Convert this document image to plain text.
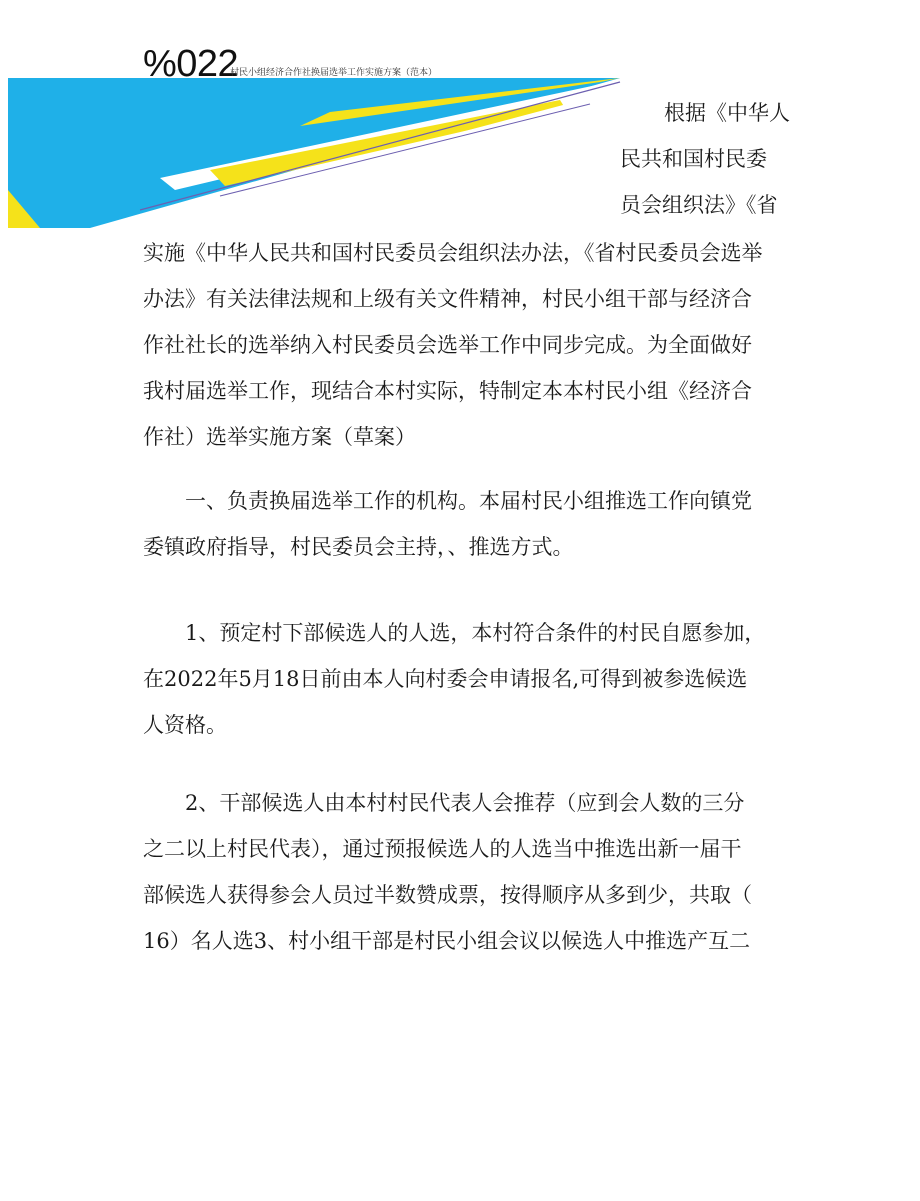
%022
村民小组经济合作社换届选举工作实施方案（范本）
根据《中华人
民共和国村民委
员会组织法》《省

实施《中华人民共和国村民委员会组织法办法，《省村民委员会选举
办法》有关法律法规和上级有关文件精神，村民小组干部与经济合
作社社长的选举纳入村民委员会选举工作中同步完成。为全面做好
我村届选举工作，现结合本村实际，特制定本本村民小组《经济合
作社）选举实施方案（草案）

　　一、负责换届选举工作的机构。本届村民小组推选工作向镇党
委镇政府指导，村民委员会主持，、推选方式。

　　1、预定村下部候选人的人选，本村符合条件的村民自愿参加，
在2022年5月18日前由本人向村委会申请报名,可得到被参选候选
人资格。

　　2、干部候选人由本村村民代表人会推荐（应到会人数的三分
之二以上村民代表），通过预报候选人的人选当中推选出新一届干
部候选人获得参会人员过半数赞成票，按得顺序从多到少，共取（
16）名人选3、村小组干部是村民小组会议以候选人中推选产互二
